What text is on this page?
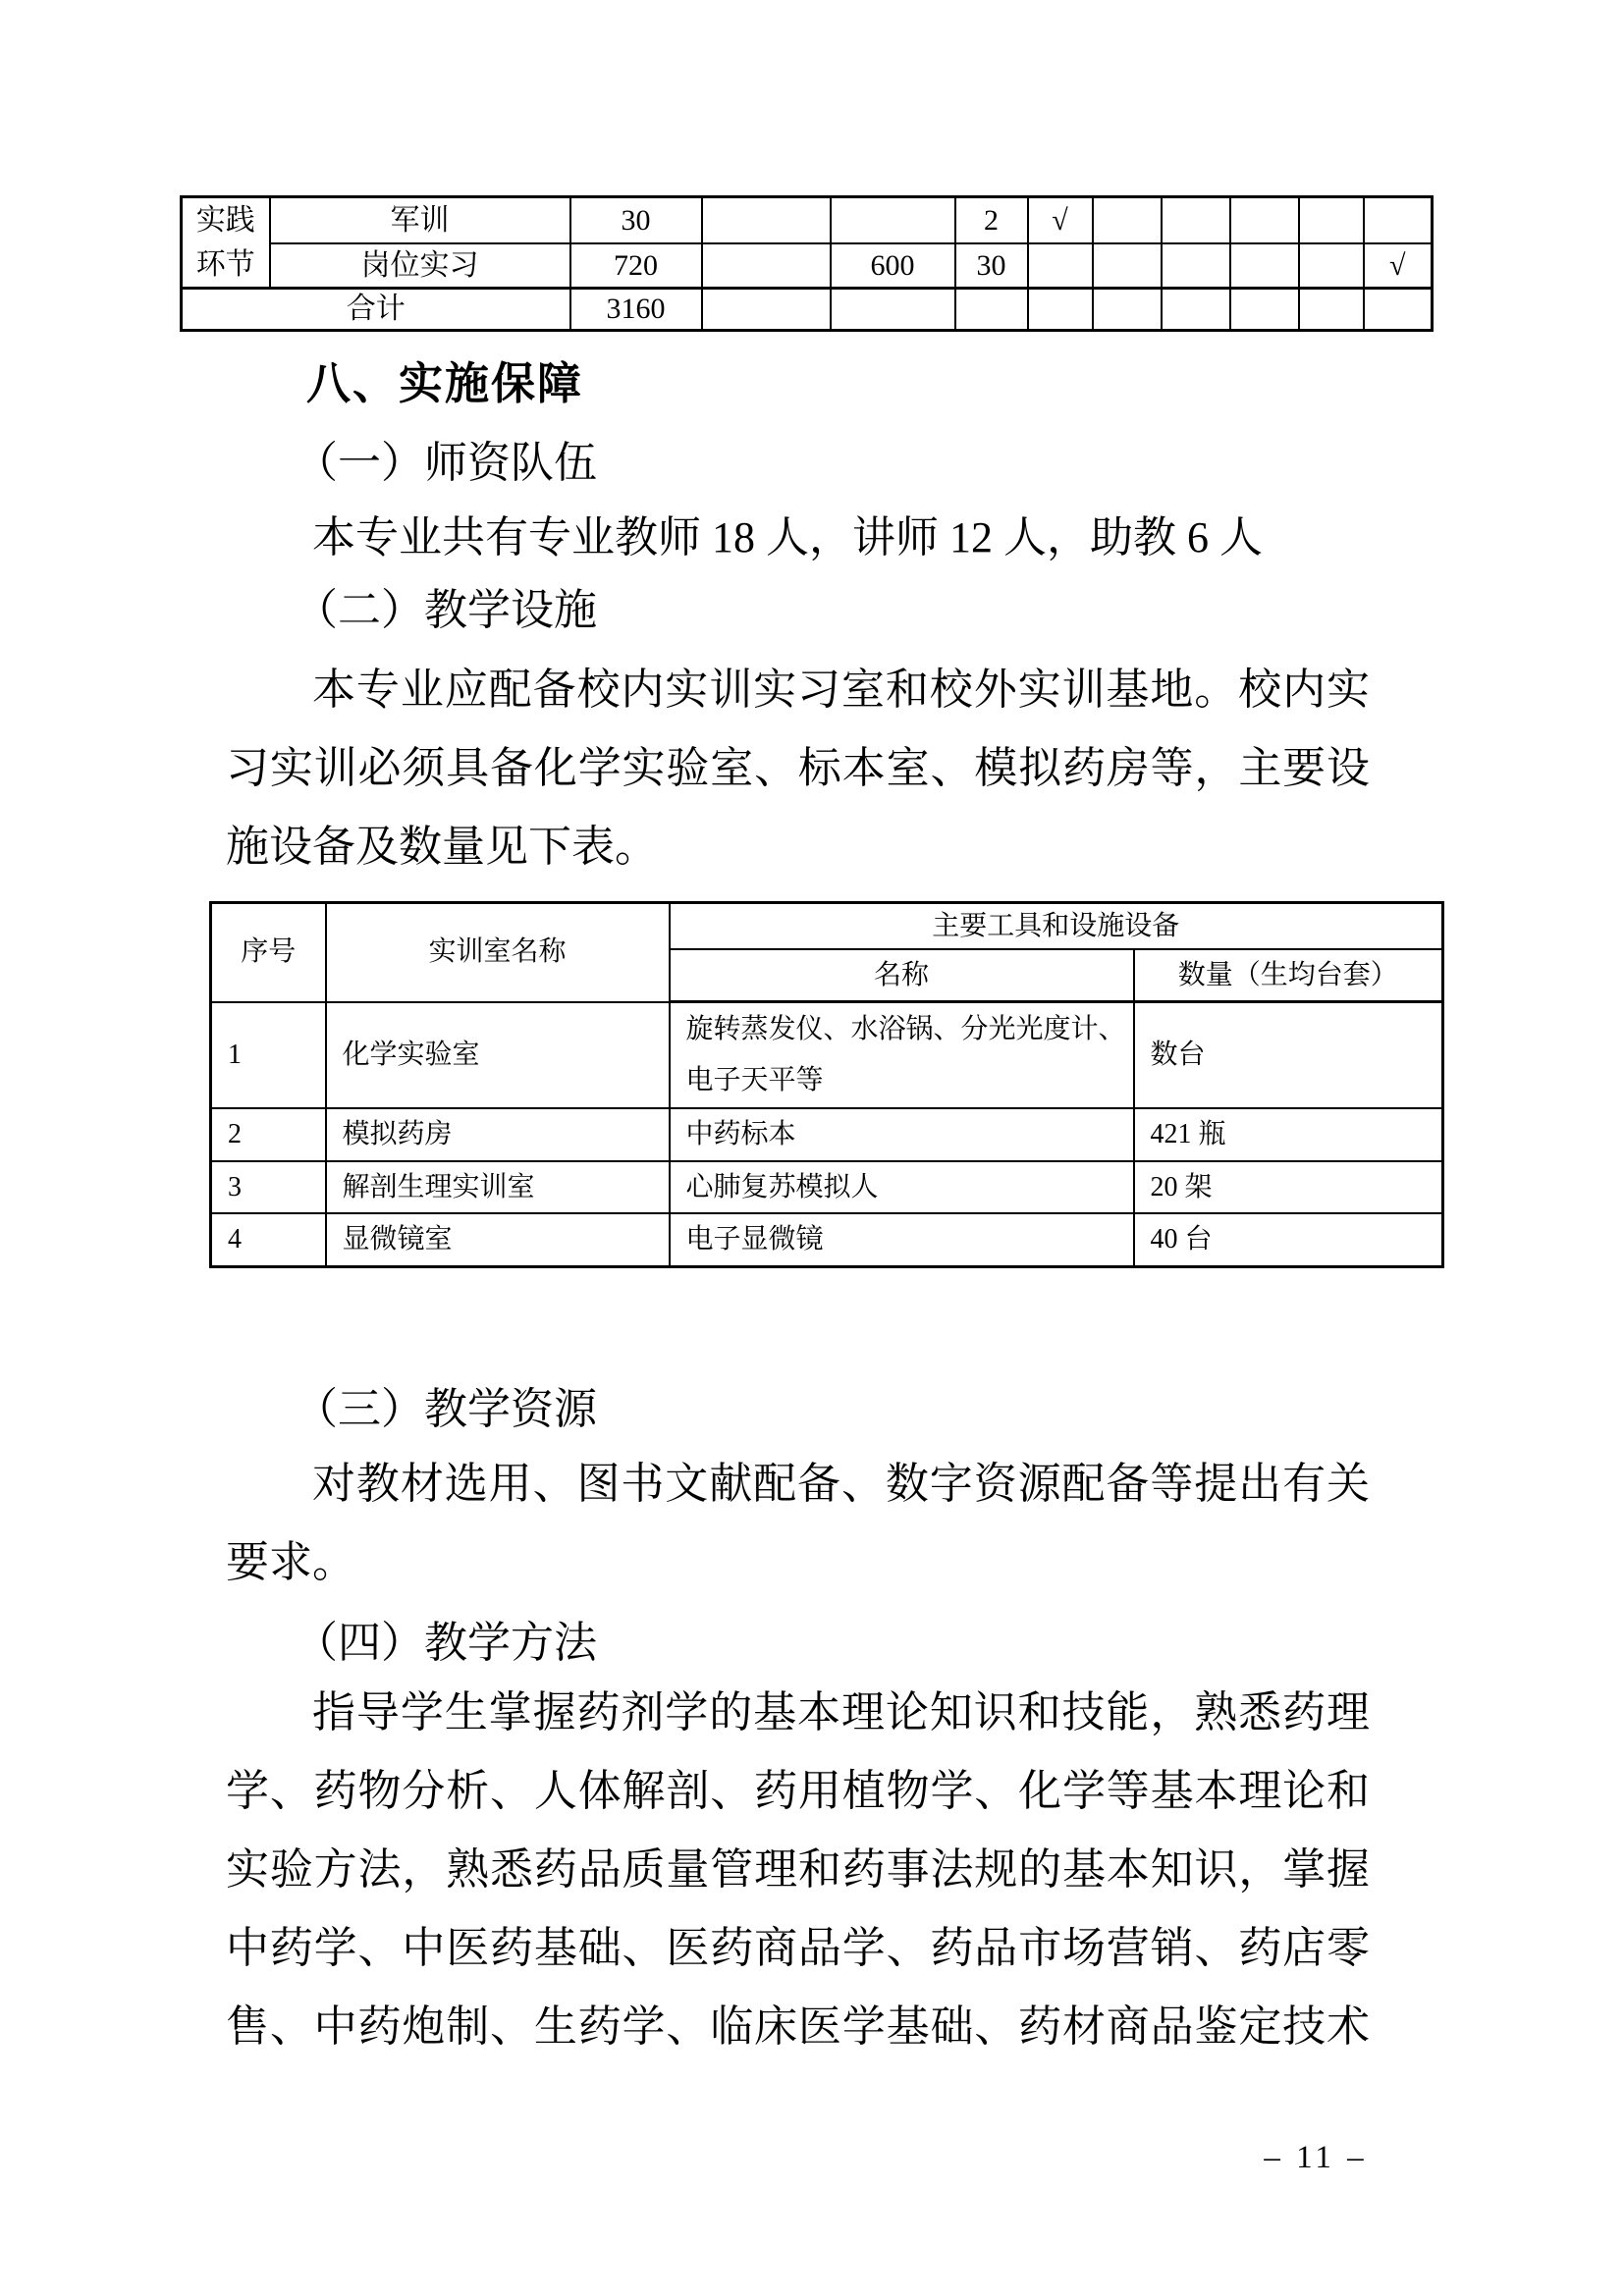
实践
环节	军训	30			2	√					
	岗位实习	720		600	30						√
合计		3160									
八、实施保障
（一）师资队伍
本专业共有专业教师 18 人，讲师 12 人，助教 6 人
（二）教学设施
本专业应配备校内实训实习室和校外实训基地。校内实
习实训必须具备化学实验室、标本室、模拟药房等，主要设
施设备及数量见下表。
序号	实训室名称	主要工具和设施设备	
		名称	数量（生均台套）
1	化学实验室	旋转蒸发仪、水浴锅、分光光度计、电子天平等	数台
2	模拟药房	中药标本	421 瓶
3	解剖生理实训室	心肺复苏模拟人	20 架
4	显微镜室	电子显微镜	40 台
（三）教学资源
对教材选用、图书文献配备、数字资源配备等提出有关
要求。
（四）教学方法
指导学生掌握药剂学的基本理论知识和技能，熟悉药理
学、药物分析、人体解剖、药用植物学、化学等基本理论和
实验方法，熟悉药品质量管理和药事法规的基本知识，掌握
中药学、中医药基础、医药商品学、药品市场营销、药店零
售、中药炮制、生药学、临床医学基础、药材商品鉴定技术
– 11 –
